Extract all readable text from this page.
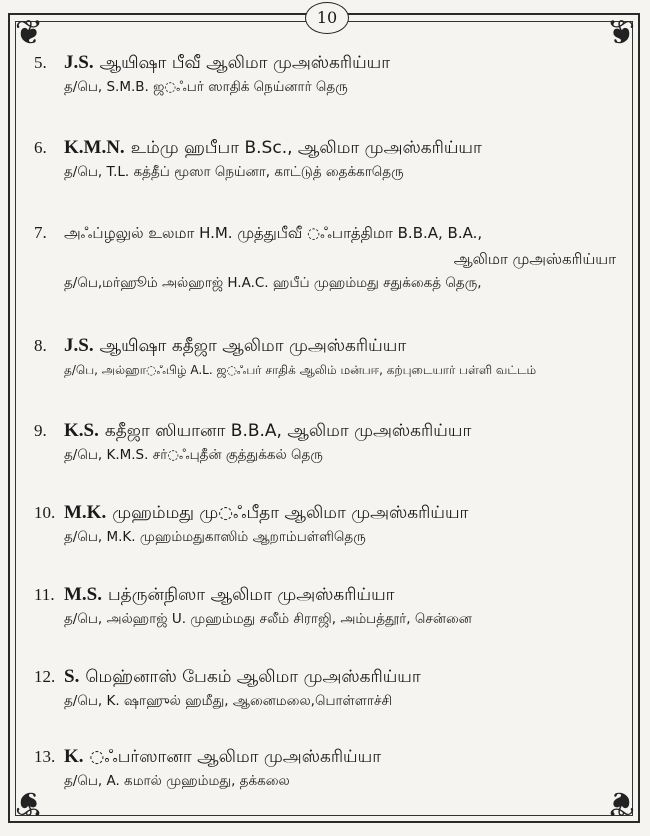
❦	❦
❦	❦
10
5. J.S. ஆயிஷா பீவீ ஆலிமா முஅஸ்கரிய்யா
த/பெ, S.M.B. ஜ◌ஃபர் ஸாதிக் நெய்னார் தெரு
6. K.M.N. உம்மு ஹபீபா B.Sc., ஆலிமா முஅஸ்கரிய்யா
த/பெ, T.L. கத்தீப் மூஸா நெய்னா, காட்டுத் தைக்காதெரு
7. அஃப்ழலுல் உலமா H.M. முத்துபீவீ ◌ஃபாத்திமா B.B.A, B.A.,
ஆலிமா முஅஸ்கரிய்யா
த/பெ,மர்ஹூம் அல்ஹாஜ் H.A.C. ஹபீப் முஹம்மது சதுக்கைத் தெரு,
8. J.S. ஆயிஷா கதீஜா ஆலிமா முஅஸ்கரிய்யா
த/பெ, அல்ஹா◌ஃபிழ் A.L. ஜ◌ஃபர் சாதிக் ஆலிம் மன்பஈ, கற்புடையார் பள்ளி வட்டம்
9. K.S. கதீஜா ஸியானா B.B.A, ஆலிமா முஅஸ்கரிய்யா
த/பெ, K.M.S. சர்◌ஃபுதீன் குத்துக்கல் தெரு
10. M.K. முஹம்மது மு◌ஃபீதா ஆலிமா முஅஸ்கரிய்யா
த/பெ, M.K. முஹம்மதுகாஸிம் ஆறாம்பள்ளிதெரு
11. M.S. பத்ருன்நிஸா ஆலிமா முஅஸ்கரிய்யா
த/பெ, அல்ஹாஜ் U. முஹம்மது சலீம் சிராஜி, அம்பத்தூர், சென்னை
12. S. மெஹ்னாஸ் பேகம் ஆலிமா முஅஸ்கரிய்யா
த/பெ, K. ஷாஹுல் ஹமீது, ஆனைமலை,பொள்ளாச்சி
13. K. ◌ஃபர்ஸானா ஆலிமா முஅஸ்கரிய்யா
த/பெ, A. கமால் முஹம்மது, தக்கலை
